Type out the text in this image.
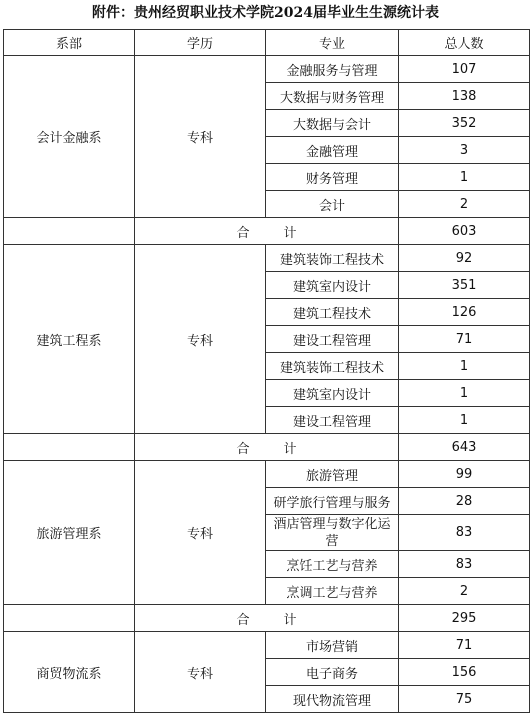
附件：贵州经贸职业技术学院2024届毕业生生源统计表
系部	学历	专业	总人数
会计金融系	专科	金融服务与管理	107
		大数据与财务管理	138
		大数据与会计	352
		金融管理	3
		财务管理	1
		会计	2
	合 计		603
建筑工程系	专科	建筑装饰工程技术	92
		建筑室内设计	351
		建筑工程技术	126
		建设工程管理	71
		建筑装饰工程技术	1
		建筑室内设计	1
		建设工程管理	1
	合 计		643
旅游管理系	专科	旅游管理	99
		研学旅行管理与服务	28
		酒店管理与数字化运营	83
		烹饪工艺与营养	83
		烹调工艺与营养	2
	合 计		295
商贸物流系	专科	市场营销	71
		电子商务	156
		现代物流管理	75
